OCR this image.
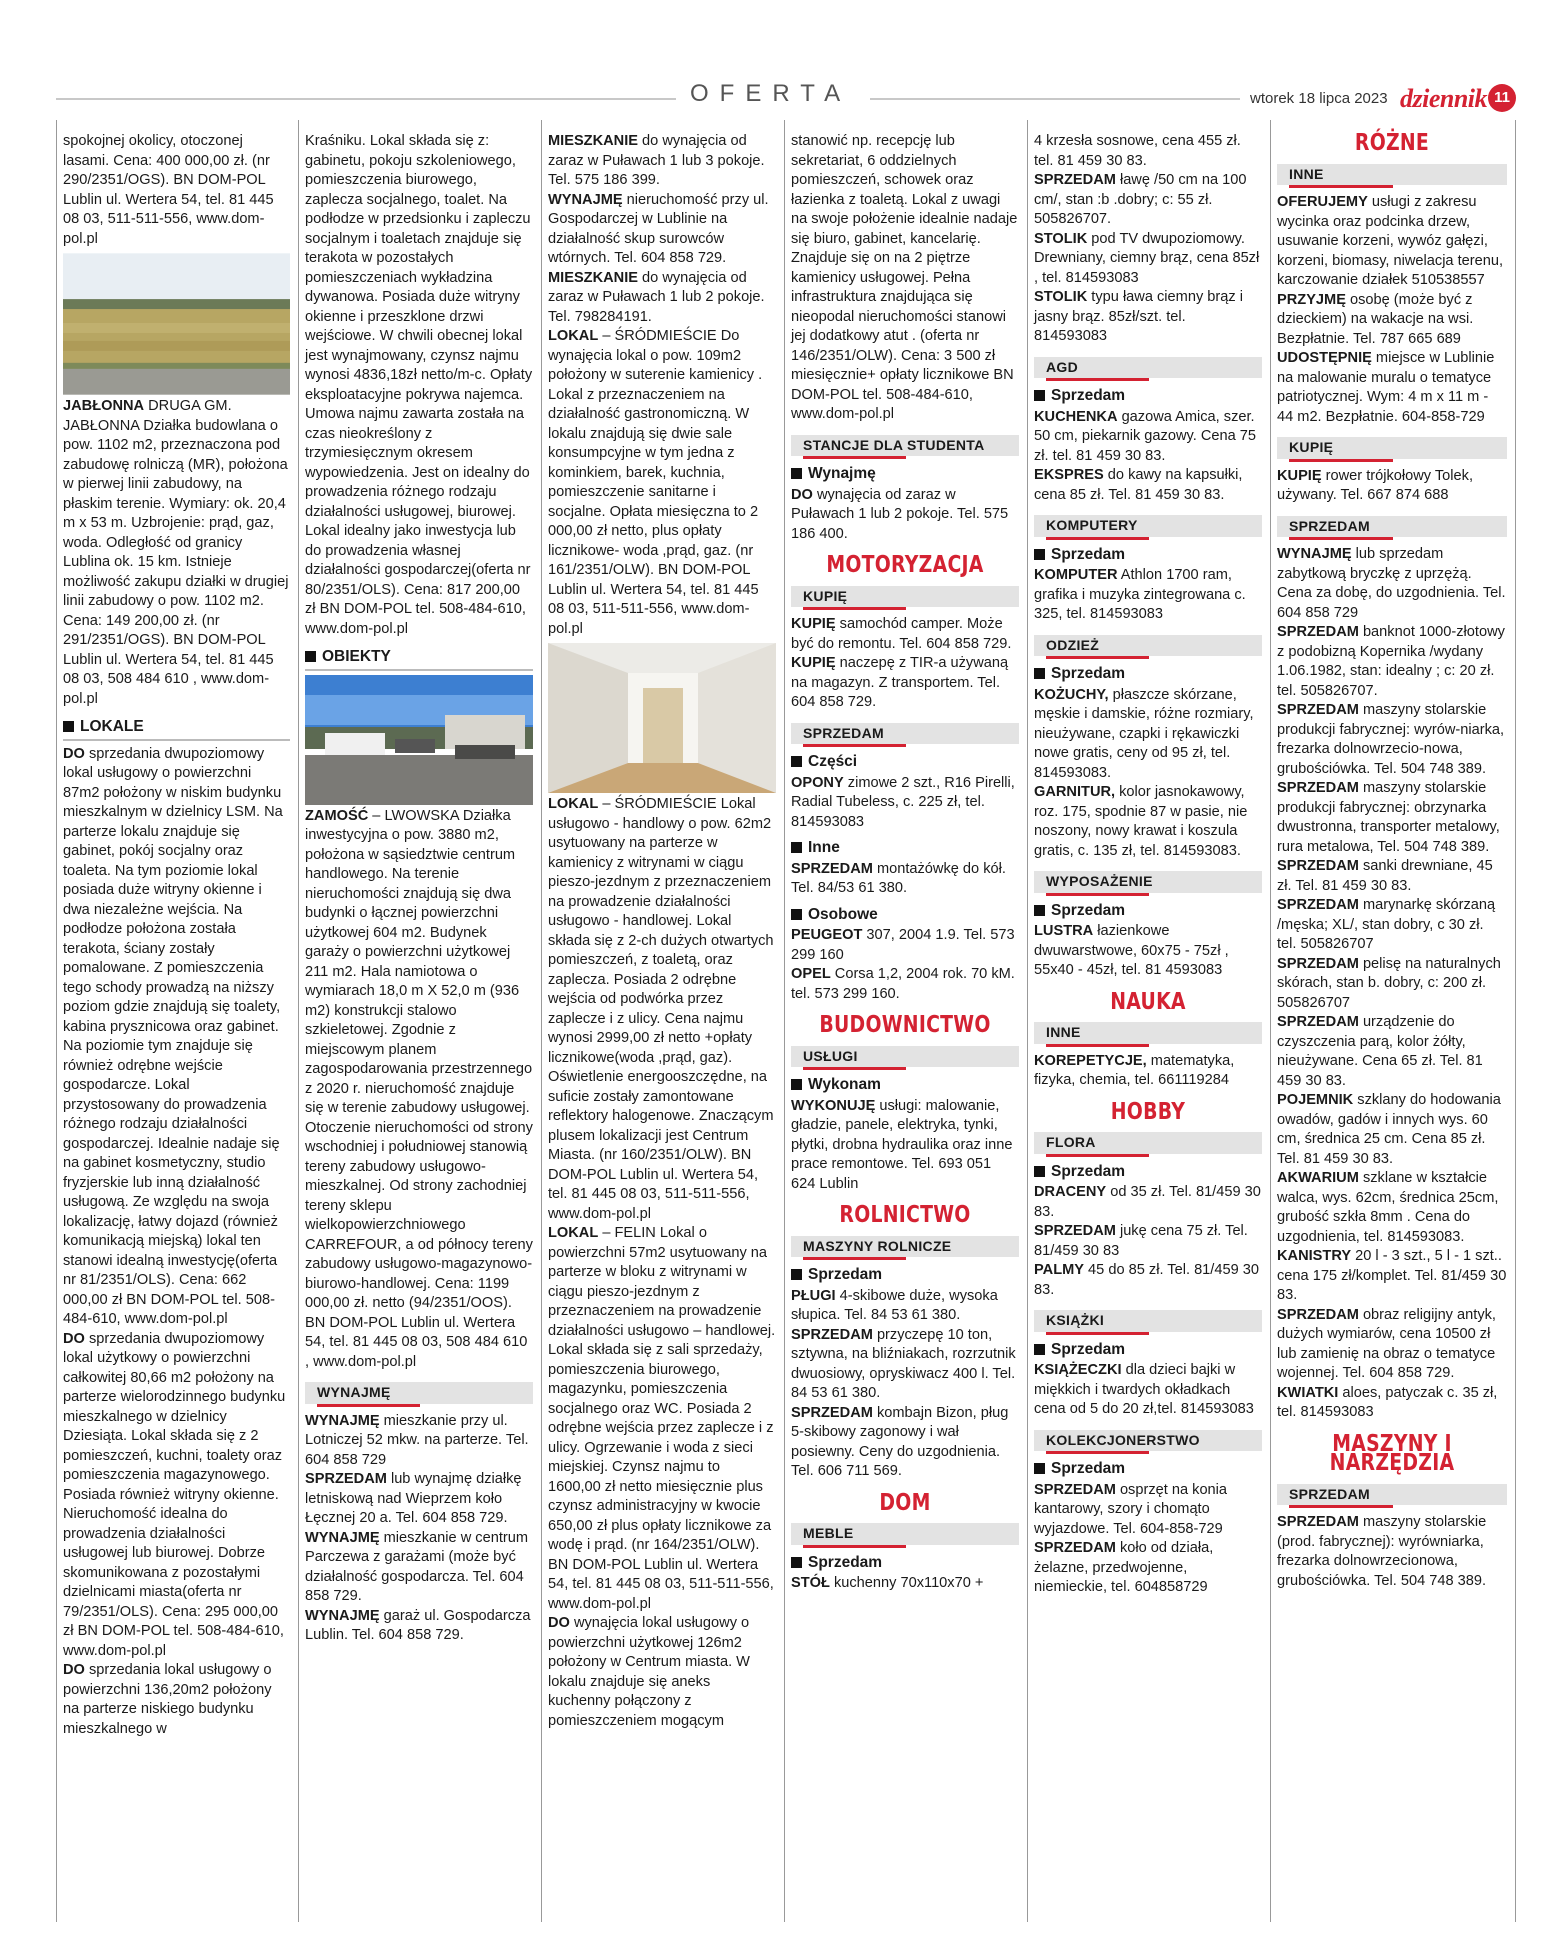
OFERTA	wtorek 18 lipca 2023 dziennik 11

spokojnej okolicy, otoczonej lasami. Cena: 400 000,00 zł. (nr 290/2351/OGS). BN DOM-POL Lublin ul. Wertera 54, tel. 81 445 08 03, 511-511-556, www.dom-pol.pl

JABŁONNA DRUGA GM. JABŁONNA Działka budowlana o pow. 1102 m2, przeznaczona pod zabudowę rolniczą (MR), położona w pierwej linii zabudowy, na płaskim terenie. Wymiary: ok. 20,4 m x 53 m. Uzbrojenie: prąd, gaz, woda. Odległość od granicy Lublina ok. 15 km. Istnieje możliwość zakupu działki w drugiej linii zabudowy o pow. 1102 m2. Cena: 149 200,00 zł. (nr 291/2351/OGS). BN DOM-POL Lublin ul. Wertera 54, tel. 81 445 08 03, 508 484 610 , www.dom-pol.pl

LOKALE

DO sprzedania dwupoziomowy lokal usługowy o powierzchni 87m2 położony w niskim budynku mieszkalnym w dzielnicy LSM. Na parterze lokalu znajduje się gabinet, pokój socjalny oraz toaleta. Na tym poziomie lokal posiada duże witryny okienne i dwa niezależne wejścia. Na podłodze położona została terakota, ściany zostały pomalowane. Z pomieszczenia tego schody prowadzą na niższy poziom gdzie znajdują się toalety, kabina prysznicowa oraz gabinet. Na poziomie tym znajduje się również odrębne wejście gospodarcze. Lokal przystosowany do prowadzenia różnego rodzaju działalności gospodarczej. Idealnie nadaje się na gabinet kosmetyczny, studio fryzjerskie lub inną działalność usługową. Ze względu na swoja lokalizację, łatwy dojazd (również komunikacją miejską) lokal ten stanowi idealną inwestycję(oferta nr 81/2351/OLS). Cena: 662 000,00 zł BN DOM-POL tel. 508-484-610, www.dom-pol.pl

DO sprzedania dwupoziomowy lokal użytkowy o powierzchni całkowitej 80,66 m2 położony na parterze wielorodzinnego budynku mieszkalnego w dzielnicy Dziesiąta. Lokal składa się z 2 pomieszczeń, kuchni, toalety oraz pomieszczenia magazynowego. Posiada również witryny okienne. Nieruchomość idealna do prowadzenia działalności usługowej lub biurowej. Dobrze skomunikowana z pozostałymi dzielnicami miasta(oferta nr 79/2351/OLS). Cena: 295 000,00 zł BN DOM-POL tel. 508-484-610, www.dom-pol.pl

DO sprzedania lokal usługowy o powierzchni 136,20m2 położony na parterze niskiego budynku mieszkalnego w

Kraśniku. Lokal składa się z: gabinetu, pokoju szkoleniowego, pomieszczenia biurowego, zaplecza socjalnego, toalet. Na podłodze w przedsionku i zapleczu socjalnym i toaletach znajduje się terakota w pozostałych pomieszczeniach wykładzina dywanowa. Posiada duże witryny okienne i przeszklone drzwi wejściowe. W chwili obecnej lokal jest wynajmowany, czynsz najmu wynosi 4836,18zł netto/m-c. Opłaty eksploatacyjne pokrywa najemca. Umowa najmu zawarta została na czas nieokreślony z trzymiesięcznym okresem wypowiedzenia. Jest on idealny do prowadzenia różnego rodzaju działalności usługowej, biurowej. Lokal idealny jako inwestycja lub do prowadzenia własnej działalności gospodarczej(oferta nr 80/2351/OLS). Cena: 817 200,00 zł BN DOM-POL tel. 508-484-610, www.dom-pol.pl

OBIEKTY

ZAMOŚĆ – LWOWSKA Działka inwestycyjna o pow. 3880 m2, położona w sąsiedztwie centrum handlowego. Na terenie nieruchomości znajdują się dwa budynki o łącznej powierzchni użytkowej 604 m2. Budynek garaży o powierzchni użytkowej 211 m2. Hala namiotowa o wymiarach 18,0 m X 52,0 m (936 m2) konstrukcji stalowo szkieletowej. Zgodnie z miejscowym planem zagospodarowania przestrzennego z 2020 r. nieruchomość znajduje się w terenie zabudowy usługowej. Otoczenie nieruchomości od strony wschodniej i południowej stanowią tereny zabudowy usługowo-mieszkalnej. Od strony zachodniej tereny sklepu wielkopowierzchniowego CARREFOUR, a od północy tereny zabudowy usługowo-magazynowo-biurowo-handlowej. Cena: 1199 000,00 zł. netto (94/2351/OOS). BN DOM-POL Lublin ul. Wertera 54, tel. 81 445 08 03, 508 484 610 , www.dom-pol.pl

WYNAJMĘ

WYNAJMĘ mieszkanie przy ul. Lotniczej 52 mkw. na parterze. Tel. 604 858 729

SPRZEDAM lub wynajmę działkę letniskową nad Wieprzem koło Łęcznej 20 a. Tel. 604 858 729.

WYNAJMĘ mieszkanie w centrum Parczewa z garażami (może być działalność gospodarcza. Tel. 604 858 729.

WYNAJMĘ garaż ul. Gospodarcza Lublin. Tel. 604 858 729.

MIESZKANIE do wynajęcia od zaraz w Puławach 1 lub 3 pokoje. Tel. 575 186 399.

WYNAJMĘ nieruchomość przy ul. Gospodarczej w Lublinie na działalność skup surowców wtórnych. Tel. 604 858 729.

MIESZKANIE do wynajęcia od zaraz w Puławach 1 lub 2 pokoje. Tel. 798284191.

LOKAL – ŚRÓDMIEŚCIE Do wynajęcia lokal o pow. 109m2 położony w suterenie kamienicy . Lokal z przeznaczeniem na działalność gastronomiczną. W lokalu znajdują się dwie sale konsumpcyjne w tym jedna z kominkiem, barek, kuchnia, pomieszczenie sanitarne i socjalne. Opłata miesięczna to 2 000,00 zł netto, plus opłaty licznikowe- woda ,prąd, gaz. (nr 161/2351/OLW). BN DOM-POL Lublin ul. Wertera 54, tel. 81 445 08 03, 511-511-556, www.dom-pol.pl

LOKAL – ŚRÓDMIEŚCIE Lokal usługowo - handlowy o pow. 62m2 usytuowany na parterze w kamienicy z witrynami w ciągu pieszo-jezdnym z przeznaczeniem na prowadzenie działalności usługowo - handlowej. Lokal składa się z 2-ch dużych otwartych pomieszczeń, z toaletą, oraz zaplecza. Posiada 2 odrębne wejścia od podwórka przez zaplecze i z ulicy. Cena najmu wynosi 2999,00 zł netto +opłaty licznikowe(woda ,prąd, gaz). Oświetlenie energooszczędne, na suficie zostały zamontowane reflektory halogenowe. Znaczącym plusem lokalizacji jest Centrum Miasta. (nr 160/2351/OLW). BN DOM-POL Lublin ul. Wertera 54, tel. 81 445 08 03, 511-511-556, www.dom-pol.pl

LOKAL – FELIN Lokal o powierzchni 57m2 usytuowany na parterze w bloku z witrynami w ciągu pieszo-jezdnym z przeznaczeniem na prowadzenie działalności usługowo – handlowej. Lokal składa się z sali sprzedaży, pomieszczenia biurowego, magazynku, pomieszczenia socjalnego oraz WC. Posiada 2 odrębne wejścia przez zaplecze i z ulicy. Ogrzewanie i woda z sieci miejskiej. Czynsz najmu to 1600,00 zł netto miesięcznie plus czynsz administracyjny w kwocie 650,00 zł plus opłaty licznikowe za wodę i prąd. (nr 164/2351/OLW). BN DOM-POL Lublin ul. Wertera 54, tel. 81 445 08 03, 511-511-556, www.dom-pol.pl

DO wynajęcia lokal usługowy o powierzchni użytkowej 126m2 położony w Centrum miasta. W lokalu znajduje się aneks kuchenny połączony z pomieszczeniem mogącym

stanowić np. recepcję lub sekretariat, 6 oddzielnych pomieszczeń, schowek oraz łazienka z toaletą. Lokal z uwagi na swoje położenie idealnie nadaje się biuro, gabinet, kancelarię. Znajduje się on na 2 piętrze kamienicy usługowej. Pełna infrastruktura znajdująca się nieopodal nieruchomości stanowi jej dodatkowy atut . (oferta nr 146/2351/OLW). Cena: 3 500 zł miesięcznie+ opłaty licznikowe BN DOM-POL tel. 508-484-610, www.dom-pol.pl

STANCJE DLA STUDENTA
Wynajmę

DO wynajęcia od zaraz w Puławach 1 lub 2 pokoje. Tel. 575 186 400.

MOTORYZACJA
KUPIĘ

KUPIĘ samochód camper. Może być do remontu. Tel. 604 858 729.

KUPIĘ naczepę z TIR-a używaną na magazyn. Z transportem. Tel. 604 858 729.

SPRZEDAM
Części

OPONY zimowe 2 szt., R16 Pirelli, Radial Tubeless, c. 225 zł, tel. 814593083

Inne

SPRZEDAM montażówkę do kół. Tel. 84/53 61 380.

Osobowe

PEUGEOT 307, 2004 1.9. Tel. 573 299 160

OPEL Corsa 1,2, 2004 rok. 70 kM. tel. 573 299 160.

BUDOWNICTWO
USŁUGI
Wykonam

WYKONUJĘ usługi: malowanie, gładzie, panele, elektryka, tynki, płytki, drobna hydraulika oraz inne prace remontowe. Tel. 693 051 624 Lublin

ROLNICTWO
MASZYNY ROLNICZE
Sprzedam

PŁUGI 4-skibowe duże, wysoka słupica. Tel. 84 53 61 380.

SPRZEDAM przyczepę 10 ton, sztywna, na bliźniakach, rozrzutnik dwuosiowy, opryskiwacz 400 l. Tel. 84 53 61 380.

SPRZEDAM kombajn Bizon, pług 5-skibowy zagonowy i wał posiewny. Ceny do uzgodnienia. Tel. 606 711 569.

DOM
MEBLE
Sprzedam

STÓŁ kuchenny 70x110x70 +

4 krzesła sosnowe, cena 455 zł. tel. 81 459 30 83.

SPRZEDAM ławę /50 cm na 100 cm/, stan :b .dobry; c: 55 zł. 505826707.

STOLIK pod TV dwupoziomowy. Drewniany, ciemny brąz, cena 85zł , tel. 814593083

STOLIK typu ława ciemny brąz i jasny brąz. 85zł/szt. tel. 814593083

AGD
Sprzedam

KUCHENKA gazowa Amica, szer. 50 cm, piekarnik gazowy. Cena 75 zł. tel. 81 459 30 83.

EKSPRES do kawy na kapsułki, cena 85 zł. Tel. 81 459 30 83.

KOMPUTERY
Sprzedam

KOMPUTER Athlon 1700 ram, grafika i muzyka zintegrowana c. 325, tel. 814593083

ODZIEŻ
Sprzedam

KOŻUCHY, płaszcze skórzane, męskie i damskie, różne rozmiary, nieużywane, czapki i rękawiczki nowe gratis, ceny od 95 zł, tel. 814593083.

GARNITUR, kolor jasnokawowy, roz. 175, spodnie 87 w pasie, nie noszony, nowy krawat i koszula gratis, c. 135 zł, tel. 814593083.

WYPOSAŻENIE
Sprzedam

LUSTRA łazienkowe dwuwarstwowe, 60x75 - 75zł , 55x40 - 45zł, tel. 81 4593083

NAUKA
INNE

KOREPETYCJE, matematyka, fizyka, chemia, tel. 661119284

HOBBY
FLORA
Sprzedam

DRACENY od 35 zł. Tel. 81/459 30 83.

SPRZEDAM jukę cena 75 zł. Tel. 81/459 30 83

PALMY 45 do 85 zł. Tel. 81/459 30 83.

KSIĄŻKI
Sprzedam

KSIĄŻECZKI dla dzieci bajki w miękkich i twardych okładkach cena od 5 do 20 zł,tel. 814593083

KOLEKCJONERSTWO
Sprzedam

SPRZEDAM osprzęt na konia kantarowy, szory i chomąto wyjazdowe. Tel. 604-858-729

SPRZEDAM koło od działa, żelazne, przedwojenne, niemieckie, tel. 604858729

RÓŻNE
INNE

OFERUJEMY usługi z zakresu wycinka oraz podcinka drzew, usuwanie korzeni, wywóz gałęzi, korzeni, biomasy, niwelacja terenu, karczowanie działek 510538557

PRZYJMĘ osobę (może być z dzieckiem) na wakacje na wsi. Bezpłatnie. Tel. 787 665 689

UDOSTĘPNIĘ miejsce w Lublinie na malowanie muralu o tematyce patriotycznej. Wym: 4 m x 11 m - 44 m2. Bezpłatnie. 604-858-729

KUPIĘ

KUPIĘ rower trójkołowy Tolek, używany. Tel. 667 874 688

SPRZEDAM

WYNAJMĘ lub sprzedam zabytkową bryczkę z uprzężą. Cena za dobę, do uzgodnienia. Tel. 604 858 729

SPRZEDAM banknot 1000-złotowy z podobizną Kopernika /wydany 1.06.1982, stan: idealny ; c: 20 zł. tel. 505826707.

SPRZEDAM maszyny stolarskie produkcji fabrycznej: wyrów-niarka, frezarka dolnowrzecio-nowa, grubościówka. Tel. 504 748 389.

SPRZEDAM maszyny stolarskie produkcji fabrycznej: obrzynarka dwustronna, transporter metalowy, rura metalowa, Tel. 504 748 389.

SPRZEDAM sanki drewniane, 45 zł. Tel. 81 459 30 83.

SPRZEDAM marynarkę skórzaną /męska; XL/, stan dobry, c 30 zł. tel. 505826707

SPRZEDAM pelisę na naturalnych skórach, stan b. dobry, c: 200 zł. 505826707

SPRZEDAM urządzenie do czyszczenia parą, kolor żółty, nieużywane. Cena 65 zł. Tel. 81 459 30 83.

POJEMNIK szklany do hodowania owadów, gadów i innych wys. 60 cm, średnica 25 cm. Cena 85 zł. Tel. 81 459 30 83.

AKWARIUM szklane w kształcie walca, wys. 62cm, średnica 25cm, grubość szkła 8mm . Cena do uzgodnienia, tel. 814593083.

KANISTRY 20 l - 3 szt., 5 l - 1 szt.. cena 175 zł/komplet. Tel. 81/459 30 83.

SPRZEDAM obraz religijny antyk, dużych wymiarów, cena 10500 zł lub zamienię na obraz o tematyce wojennej. Tel. 604 858 729.

KWIATKI aloes, patyczak c. 35 zł, tel. 814593083

MASZYNY I NARZĘDZIA
SPRZEDAM

SPRZEDAM maszyny stolarskie (prod. fabrycznej): wyrówniarka, frezarka dolnowrzecionowa, grubościówka. Tel. 504 748 389.
